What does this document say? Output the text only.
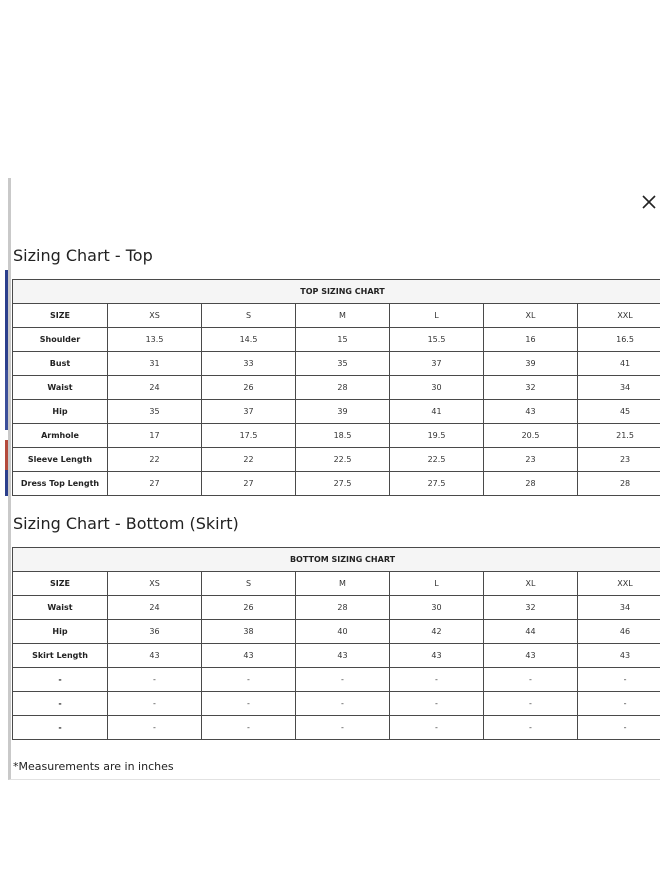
Sizing Chart - Top
TOP SIZING CHART						
SIZE	XS	S	M	L	XL	XXL
Shoulder	13.5	14.5	15	15.5	16	16.5
Bust	31	33	35	37	39	41
Waist	24	26	28	30	32	34
Hip	35	37	39	41	43	45
Armhole	17	17.5	18.5	19.5	20.5	21.5
Sleeve Length	22	22	22.5	22.5	23	23
Dress Top Length	27	27	27.5	27.5	28	28
Sizing Chart - Bottom (Skirt)
BOTTOM SIZING CHART						
SIZE	XS	S	M	L	XL	XXL
Waist	24	26	28	30	32	34
Hip	36	38	40	42	44	46
Skirt Length	43	43	43	43	43	43
-	-	-	-	-	-	-
-	-	-	-	-	-	-
-	-	-	-	-	-	-
*Measurements are in inches
